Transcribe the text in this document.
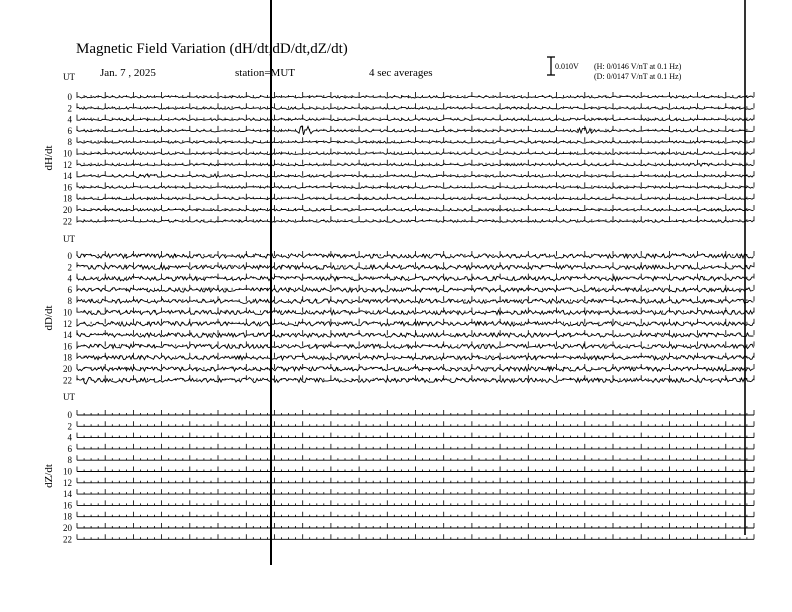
Magnetic Field Variation (dH/dt,dD/dt,dZ/dt)
Jan. 7 , 2025	station=MUT	4 sec averages
0.010V (H: 0/0146 V/nT at 0.1 Hz)
(D: 0/0147 V/nT at 0.1 Hz)
UT
dH/dt
0
2
4
6
8
10
12
14
16
18
20
22
UT
dD/dt
0
2
4
6
8
10
12
14
16
18
20
22
UT
dZ/dt
0
2
4
6
8
10
12
14
16
18
20
22
